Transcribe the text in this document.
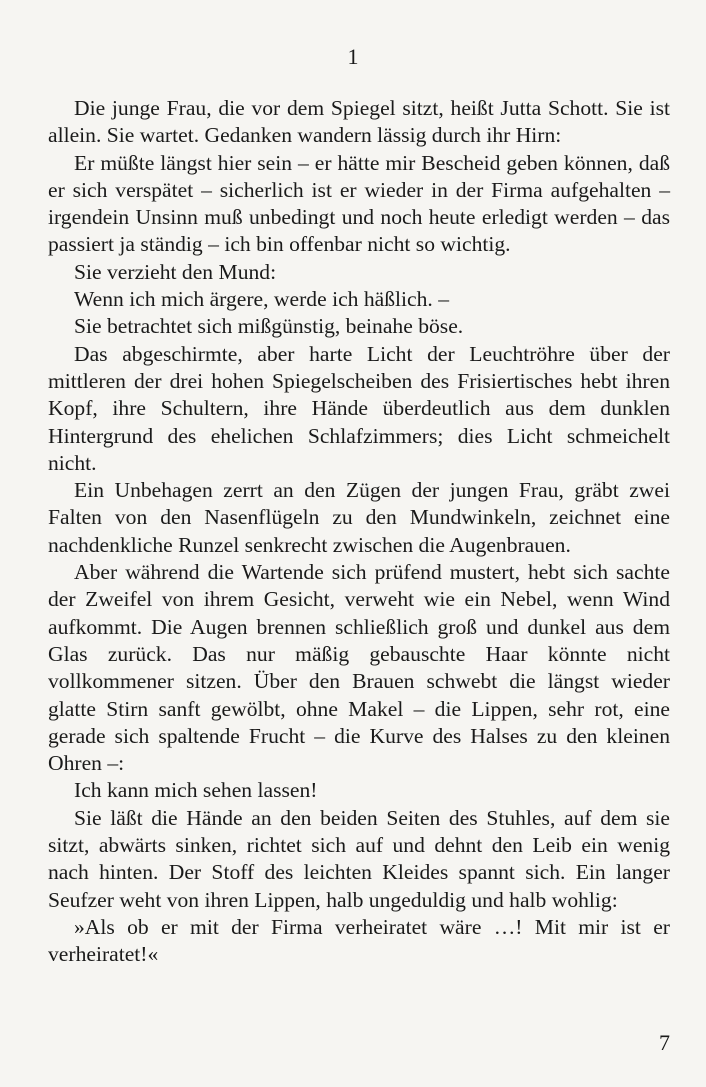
1

Die junge Frau, die vor dem Spiegel sitzt, heißt Jutta Schott. Sie ist allein. Sie wartet. Gedanken wandern lässig durch ihr Hirn:

Er müßte längst hier sein – er hätte mir Bescheid geben können, daß er sich verspätet – sicherlich ist er wieder in der Firma aufgehalten – irgendein Unsinn muß unbedingt und noch heute erledigt werden – das passiert ja ständig – ich bin offenbar nicht so wichtig.

Sie verzieht den Mund:

Wenn ich mich ärgere, werde ich häßlich. –

Sie betrachtet sich mißgünstig, beinahe böse.

Das abgeschirmte, aber harte Licht der Leuchtröhre über der mittleren der drei hohen Spiegelscheiben des Frisiertisches hebt ihren Kopf, ihre Schultern, ihre Hände überdeutlich aus dem dunklen Hintergrund des ehelichen Schlafzimmers; dies Licht schmeichelt nicht.

Ein Unbehagen zerrt an den Zügen der jungen Frau, gräbt zwei Falten von den Nasenflügeln zu den Mundwinkeln, zeichnet eine nachdenkliche Runzel senkrecht zwischen die Augenbrauen.

Aber während die Wartende sich prüfend mustert, hebt sich sachte der Zweifel von ihrem Gesicht, verweht wie ein Nebel, wenn Wind aufkommt. Die Augen brennen schließlich groß und dunkel aus dem Glas zurück. Das nur mäßig gebauschte Haar könnte nicht vollkommener sitzen. Über den Brauen schwebt die längst wieder glatte Stirn sanft gewölbt, ohne Makel – die Lippen, sehr rot, eine gerade sich spaltende Frucht – die Kurve des Halses zu den kleinen Ohren –:

Ich kann mich sehen lassen!

Sie läßt die Hände an den beiden Seiten des Stuhles, auf dem sie sitzt, abwärts sinken, richtet sich auf und dehnt den Leib ein wenig nach hinten. Der Stoff des leichten Kleides spannt sich. Ein langer Seufzer weht von ihren Lippen, halb ungeduldig und halb wohlig:

»Als ob er mit der Firma verheiratet wäre …! Mit mir ist er verheiratet!«

7
